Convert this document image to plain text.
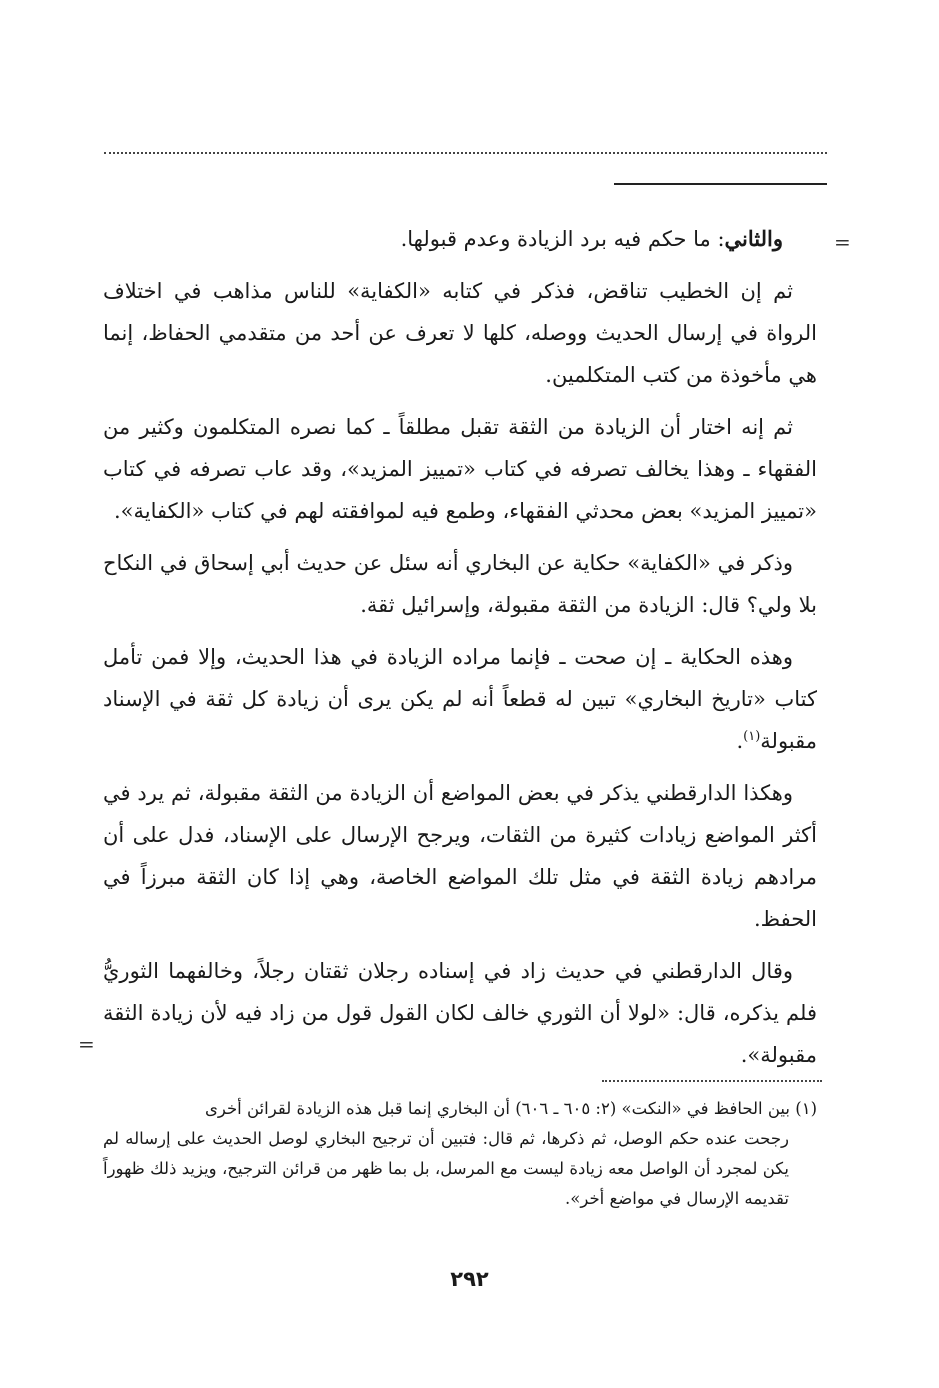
=
=

والثاني: ما حكم فيه برد الزيادة وعدم قبولها.

ثم إن الخطيب تناقض، فذكر في كتابه «الكفاية» للناس مذاهب في اختلاف الرواة في إرسال الحديث ووصله، كلها لا تعرف عن أحد من متقدمي الحفاظ، إنما هي مأخوذة من كتب المتكلمين.

ثم إنه اختار أن الزيادة من الثقة تقبل مطلقاً ـ كما نصره المتكلمون وكثير من الفقهاء ـ وهذا يخالف تصرفه في كتاب «تمييز المزيد»، وقد عاب تصرفه في كتاب «تمييز المزيد» بعض محدثي الفقهاء، وطمع فيه لموافقته لهم في كتاب «الكفاية».

وذكر في «الكفاية» حكاية عن البخاري أنه سئل عن حديث أبي إسحاق في النكاح بلا ولي؟ قال: الزيادة من الثقة مقبولة، وإسرائيل ثقة.

وهذه الحكاية ـ إن صحت ـ فإنما مراده الزيادة في هذا الحديث، وإلا فمن تأمل كتاب «تاريخ البخاري» تبين له قطعاً أنه لم يكن يرى أن زيادة كل ثقة في الإسناد مقبولة$^{(١)}$.

وهكذا الدارقطني يذكر في بعض المواضع أن الزيادة من الثقة مقبولة، ثم يرد في أكثر المواضع زيادات كثيرة من الثقات، ويرجح الإرسال على الإسناد، فدل على أن مرادهم زيادة الثقة في مثل تلك المواضع الخاصة، وهي إذا كان الثقة مبرزاً في الحفظ.

وقال الدارقطني في حديث زاد في إسناده رجلان ثقتان رجلاً، وخالفهما الثوريُّ فلم يذكره، قال: «لولا أن الثوري خالف لكان القول قول من زاد فيه لأن زيادة الثقة مقبولة».

(١) بين الحافظ في «النكت» (٢: ٦٠٥ ـ ٦٠٦) أن البخاري إنما قبل هذه الزيادة لقرائن أخرى
رجحت عنده حكم الوصل، ثم ذكرها، ثم قال: فتبين أن ترجيح البخاري لوصل الحديث على إرساله لم يكن لمجرد أن الواصل معه زيادة ليست مع المرسل، بل بما ظهر من قرائن الترجيح، ويزيد ذلك ظهوراً تقديمه الإرسال في مواضع أخر».
٢٩٢
